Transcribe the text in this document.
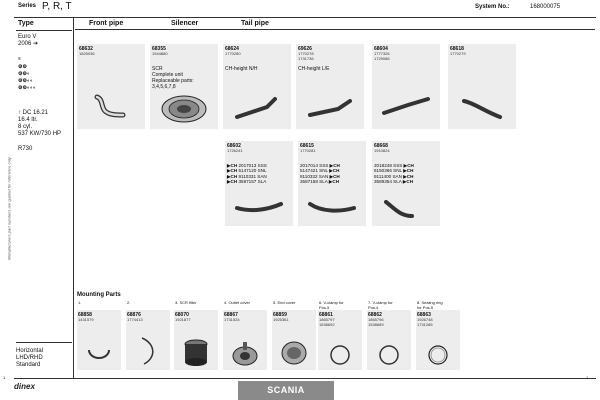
Series P, R, T	System No.:	168000075
Manufacturers part numbers are quoted for reference only
Type
Euro V
2006 ➔
≡
⚙⚙
⚙⚙◐
⚙⚙◐◐
⚙⚙◐◐◐
↑ DC 16.21
16.4 ltr.
8 cyl.
537 KW/730 HP
R730
Horizontal
LHD/RHD
Standard
Front pipe	Silencer	Tail pipe
68632
1825036
68355
1944880
SCR
Complete unit
Replaceable parts:
3,4,5,6,7,8
68624
1770280
CH-height N/H
69626
1770278
1731736
CH-height L/E
68604
1777326
1729086
68618
1770279
68602
1726241
▶CH 2017013 SSS
▶CH 5147120 SNL
▶CH 9110331 SAN
▶CH 3587157 SLA
68615
1770281
2017014 SSS ▶CH
5147421 SNL ▶CH
9110332 SAN ▶CH
3587158 SLA ▶CH
68668
1910824
2018248 SSS ▶CH
5150366 SNL ▶CH
9111400 SAN ▶CH
3589354 SLA ▶CH
Mounting Parts
1.
68858
1431579
2.
68876
1774413
3. SCR filter
68070
1921877
4. Outlet cover
68867
1731524
5. End cover
68859
1925361
6. V-clamp for
Pos.5
68861
1865797
1538692
7. V-clamp for
Pos.4
68862
1865796
1538689
8. Sealing ring
for Pos.5
68863
1926748
1731285
1	1
dinex	SCANIA
